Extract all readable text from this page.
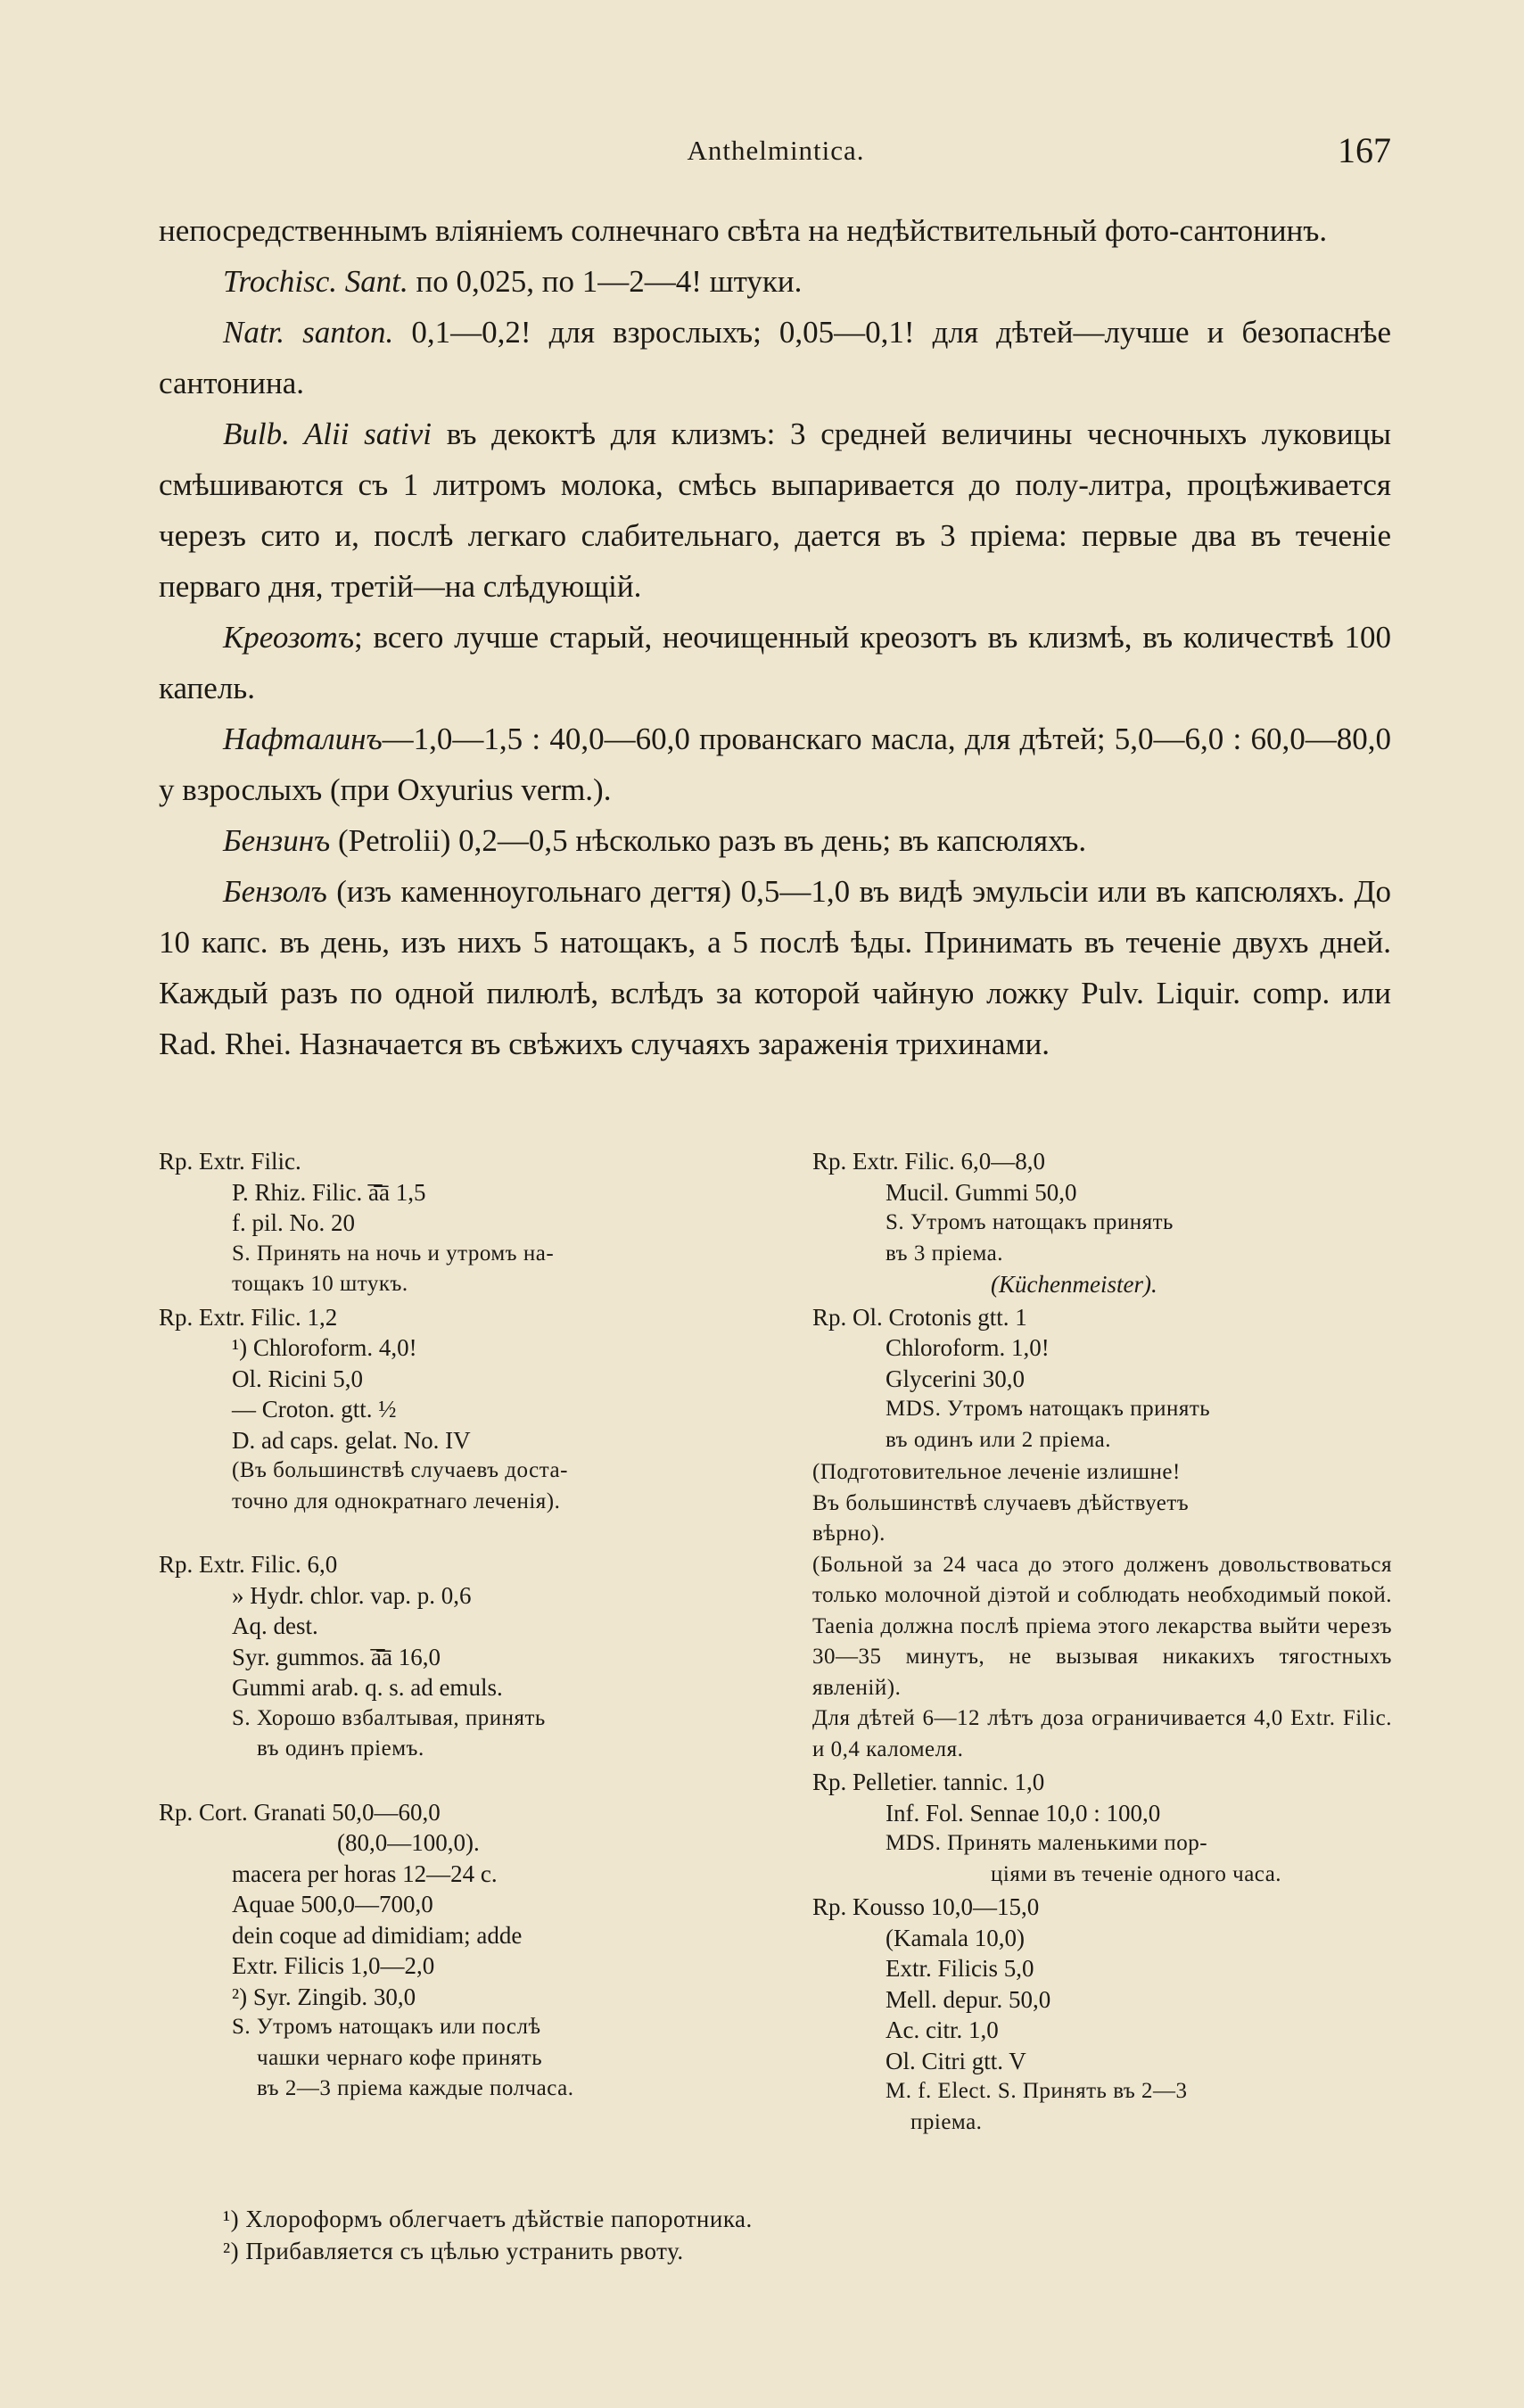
Anthelmintica.	167

непосредственнымъ вліяніемъ солнечнаго свѣта на недѣйствительный фото-сантонинъ.

Trochisc. Sant. по 0,025, по 1—2—4! штуки.

Natr. santon. 0,1—0,2! для взрослыхъ; 0,05—0,1! для дѣтей—лучше и безопаснѣе сантонина.

Bulb. Alii sativi въ декоктѣ для клизмъ: 3 средней величины чесночныхъ луковицы смѣшиваются съ 1 литромъ молока, смѣсь выпаривается до полу-литра, процѣживается черезъ сито и, послѣ легкаго слабительнаго, дается въ 3 пріема: первые два въ теченіе перваго дня, третій—на слѣдующій.

Креозотъ; всего лучше старый, неочищенный креозотъ въ клизмѣ, въ количествѣ 100 капель.

Нафталинъ—1,0—1,5 : 40,0—60,0 прованскаго масла, для дѣтей; 5,0—6,0 : 60,0—80,0 у взрослыхъ (при Oxyurius verm.).

Бензинъ (Petrolii) 0,2—0,5 нѣсколько разъ въ день; въ капсюляхъ.

Бензолъ (изъ каменноугольнаго дегтя) 0,5—1,0 въ видѣ эмульсіи или въ капсюляхъ. До 10 капс. въ день, изъ нихъ 5 натощакъ, а 5 послѣ ѣды. Принимать въ теченіе двухъ дней. Каждый разъ по одной пилюлѣ, вслѣдъ за которой чайную ложку Pulv. Liquir. comp. или Rad. Rhei. Назначается въ свѣжихъ случаяхъ зараженія трихинами.

Rp. Extr. Filic.
P. Rhiz. Filic. ͞a͞a 1,5
f. pil. No. 20
S. Принять на ночь и утромъ на-
тощакъ 10 штукъ.
Rp. Extr. Filic. 1,2
¹) Chloroform. 4,0!
Ol. Ricini 5,0
— Croton. gtt. ½
D. ad caps. gelat. No. IV
(Въ большинствѣ случаевъ доста-
точно для однократнаго леченія).
Rp. Extr. Filic. 6,0
» Hydr. chlor. vap. p. 0,6
Aq. dest.
Syr. gummos. ͞a͞a 16,0
Gummi arab. q. s. ad emuls.
S. Хорошо взбалтывая, принять
въ одинъ пріемъ.
Rp. Cort. Granati 50,0—60,0
(80,0—100,0).
macera per horas 12—24 c.
Aquae 500,0—700,0
dein coque ad dimidiam; adde
Extr. Filicis 1,0—2,0
²) Syr. Zingib. 30,0
S. Утромъ натощакъ или послѣ
чашки чернаго кофе принять
въ 2—3 пріема каждые полчаса.
Rp. Extr. Filic. 6,0—8,0
Mucil. Gummi 50,0
S. Утромъ натощакъ принять
въ 3 пріема.
(Küchenmeister).
Rp. Ol. Crotonis gtt. 1
Chloroform. 1,0!
Glycerini 30,0
MDS. Утромъ натощакъ принять
въ одинъ или 2 пріема.
(Подготовительное леченіе излишне!
Въ большинствѣ случаевъ дѣйствуетъ
вѣрно).
(Больной за 24 часа до этого долженъ довольствоваться только молочной діэтой и соблюдать необходимый покой. Taenia должна послѣ пріема этого лекарства выйти черезъ 30—35 минутъ, не вызывая никакихъ тягостныхъ явленій).
Для дѣтей 6—12 лѣтъ доза ограничивается 4,0 Extr. Filic. и 0,4 каломеля.
Rp. Pelletier. tannic. 1,0
Inf. Fol. Sennae 10,0 : 100,0
MDS. Принять маленькими пор-
ціями въ теченіе одного часа.
Rp. Kousso 10,0—15,0
(Kamala 10,0)
Extr. Filicis 5,0
Mell. depur. 50,0
Ac. citr. 1,0
Ol. Citri gtt. V
M. f. Elect. S. Принять въ 2—3
пріема.
¹) Хлороформъ облегчаетъ дѣйствіе папоротника.
²) Прибавляется съ цѣлью устранить рвоту.
